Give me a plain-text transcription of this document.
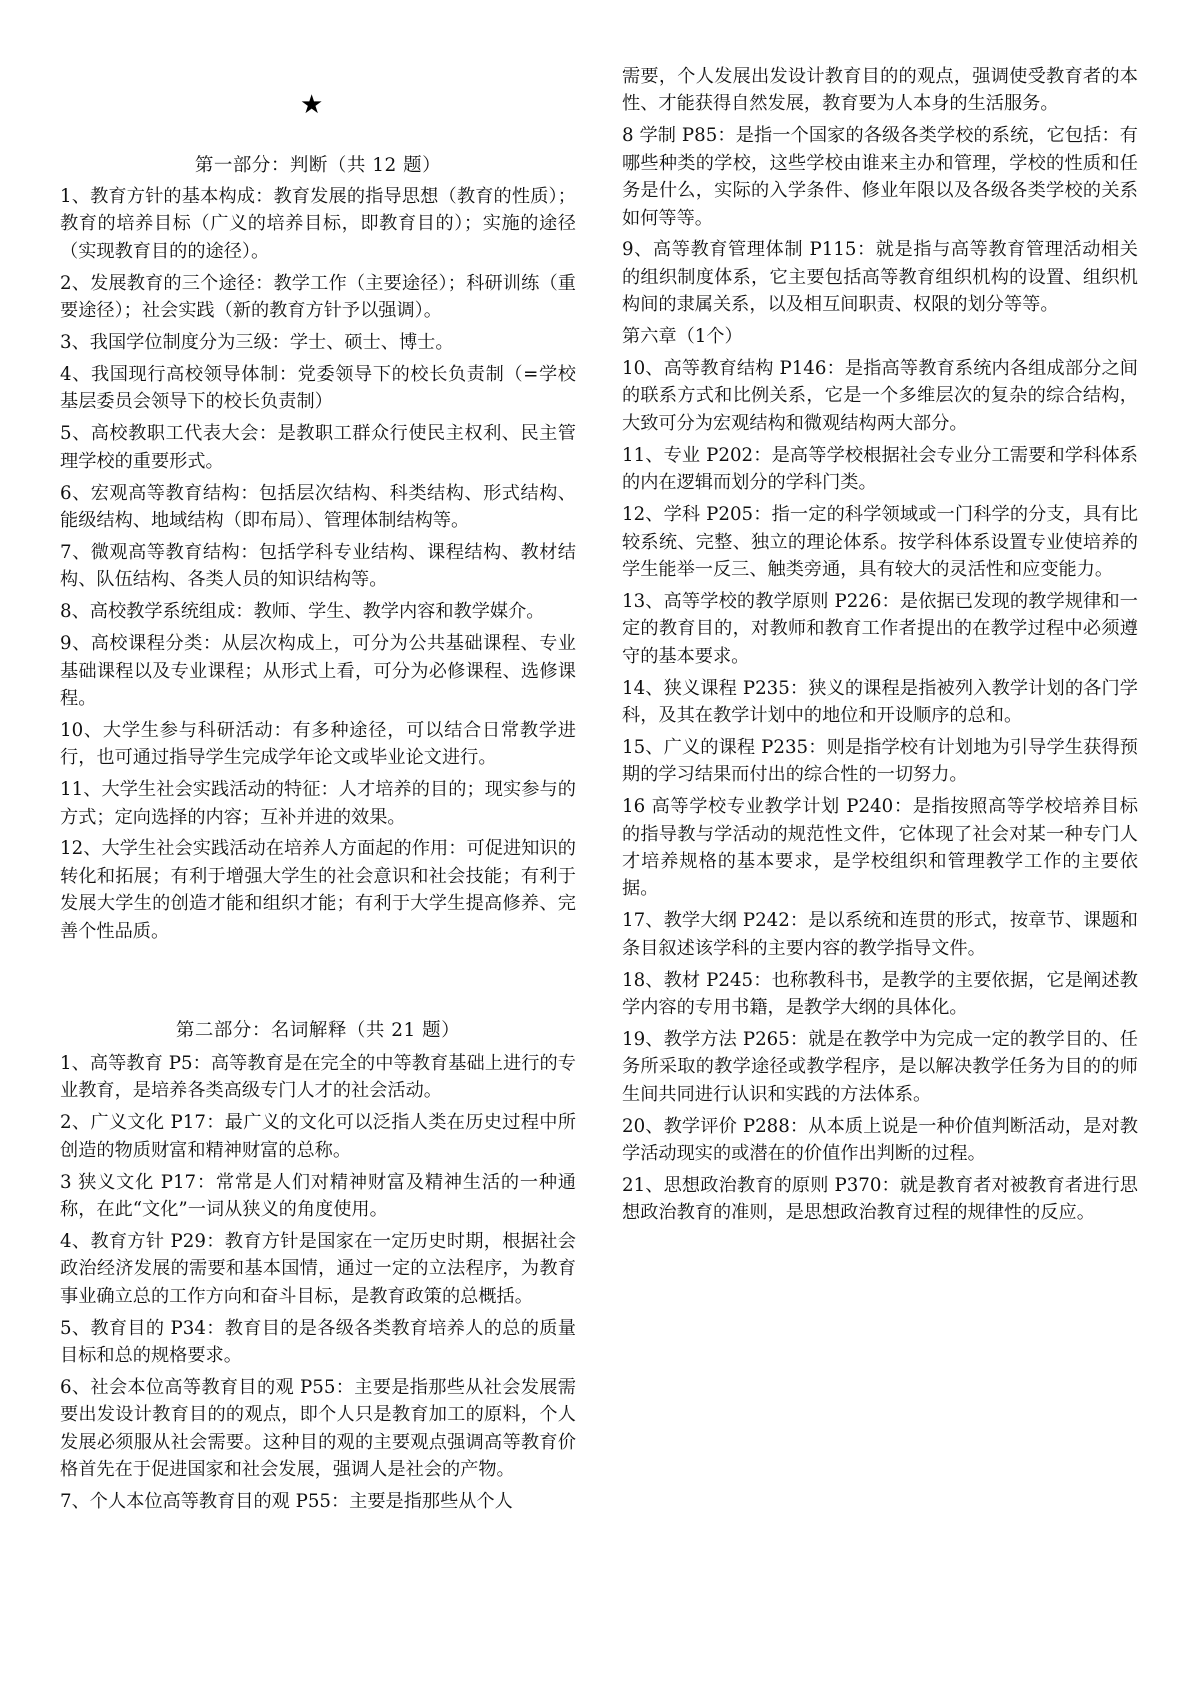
★
第一部分：判断（共 12 题）

1、教育方针的基本构成：教育发展的指导思想（教育的性质）；教育的培养目标（广义的培养目标，即教育目的）；实施的途径（实现教育目的的途径）。

2、发展教育的三个途径：教学工作（主要途径）；科研训练（重要途径）；社会实践（新的教育方针予以强调）。

3、我国学位制度分为三级：学士、硕士、博士。

4、我国现行高校领导体制：党委领导下的校长负责制（=学校基层委员会领导下的校长负责制）

5、高校教职工代表大会：是教职工群众行使民主权利、民主管理学校的重要形式。

6、宏观高等教育结构：包括层次结构、科类结构、形式结构、能级结构、地域结构（即布局）、管理体制结构等。

7、微观高等教育结构：包括学科专业结构、课程结构、教材结构、队伍结构、各类人员的知识结构等。

8、高校教学系统组成：教师、学生、教学内容和教学媒介。

9、高校课程分类：从层次构成上，可分为公共基础课程、专业基础课程以及专业课程；从形式上看，可分为必修课程、选修课程。

10、大学生参与科研活动：有多种途径，可以结合日常教学进行，也可通过指导学生完成学年论文或毕业论文进行。

11、大学生社会实践活动的特征：人才培养的目的；现实参与的方式；定向选择的内容；互补并进的效果。

12、大学生社会实践活动在培养人方面起的作用：可促进知识的转化和拓展；有利于增强大学生的社会意识和社会技能；有利于发展大学生的创造才能和组织才能；有利于大学生提高修养、完善个性品质。

第二部分：名词解释（共 21 题）

1、高等教育 P5：高等教育是在完全的中等教育基础上进行的专业教育，是培养各类高级专门人才的社会活动。

2、广义文化 P17：最广义的文化可以泛指人类在历史过程中所创造的物质财富和精神财富的总称。

3 狭义文化 P17：常常是人们对精神财富及精神生活的一种通称，在此“文化”一词从狭义的角度使用。

4、教育方针 P29：教育方针是国家在一定历史时期，根据社会政治经济发展的需要和基本国情，通过一定的立法程序，为教育事业确立总的工作方向和奋斗目标，是教育政策的总概括。

5、教育目的 P34：教育目的是各级各类教育培养人的总的质量目标和总的规格要求。

6、社会本位高等教育目的观 P55：主要是指那些从社会发展需要出发设计教育目的的观点，即个人只是教育加工的原料，个人发展必须服从社会需要。这种目的观的主要观点强调高等教育价格首先在于促进国家和社会发展，强调人是社会的产物。

7、个人本位高等教育目的观 P55：主要是指那些从个人

需要，个人发展出发设计教育目的的观点，强调使受教育者的本性、才能获得自然发展，教育要为人本身的生活服务。

8 学制 P85：是指一个国家的各级各类学校的系统，它包括：有哪些种类的学校，这些学校由谁来主办和管理，学校的性质和任务是什么，实际的入学条件、修业年限以及各级各类学校的关系如何等等。

9、高等教育管理体制 P115：就是指与高等教育管理活动相关的组织制度体系，它主要包括高等教育组织机构的设置、组织机构间的隶属关系，以及相互间职责、权限的划分等等。

第六章（1个）

10、高等教育结构 P146：是指高等教育系统内各组成部分之间的联系方式和比例关系，它是一个多维层次的复杂的综合结构，大致可分为宏观结构和微观结构两大部分。

11、专业 P202：是高等学校根据社会专业分工需要和学科体系的内在逻辑而划分的学科门类。

12、学科 P205：指一定的科学领域或一门科学的分支，具有比较系统、完整、独立的理论体系。按学科体系设置专业使培养的学生能举一反三、触类旁通，具有较大的灵活性和应变能力。

13、高等学校的教学原则 P226：是依据已发现的教学规律和一定的教育目的，对教师和教育工作者提出的在教学过程中必须遵守的基本要求。

14、狭义课程 P235：狭义的课程是指被列入教学计划的各门学科，及其在教学计划中的地位和开设顺序的总和。

15、广义的课程 P235：则是指学校有计划地为引导学生获得预期的学习结果而付出的综合性的一切努力。

16 高等学校专业教学计划 P240：是指按照高等学校培养目标的指导教与学活动的规范性文件，它体现了社会对某一种专门人才培养规格的基本要求，是学校组织和管理教学工作的主要依据。

17、教学大纲 P242：是以系统和连贯的形式，按章节、课题和条目叙述该学科的主要内容的教学指导文件。

18、教材 P245：也称教科书，是教学的主要依据，它是阐述教学内容的专用书籍，是教学大纲的具体化。

19、教学方法 P265：就是在教学中为完成一定的教学目的、任务所采取的教学途径或教学程序，是以解决教学任务为目的的师生间共同进行认识和实践的方法体系。

20、教学评价 P288：从本质上说是一种价值判断活动，是对教学活动现实的或潜在的价值作出判断的过程。

21、思想政治教育的原则 P370：就是教育者对被教育者进行思想政治教育的准则，是思想政治教育过程的规律性的反应。
